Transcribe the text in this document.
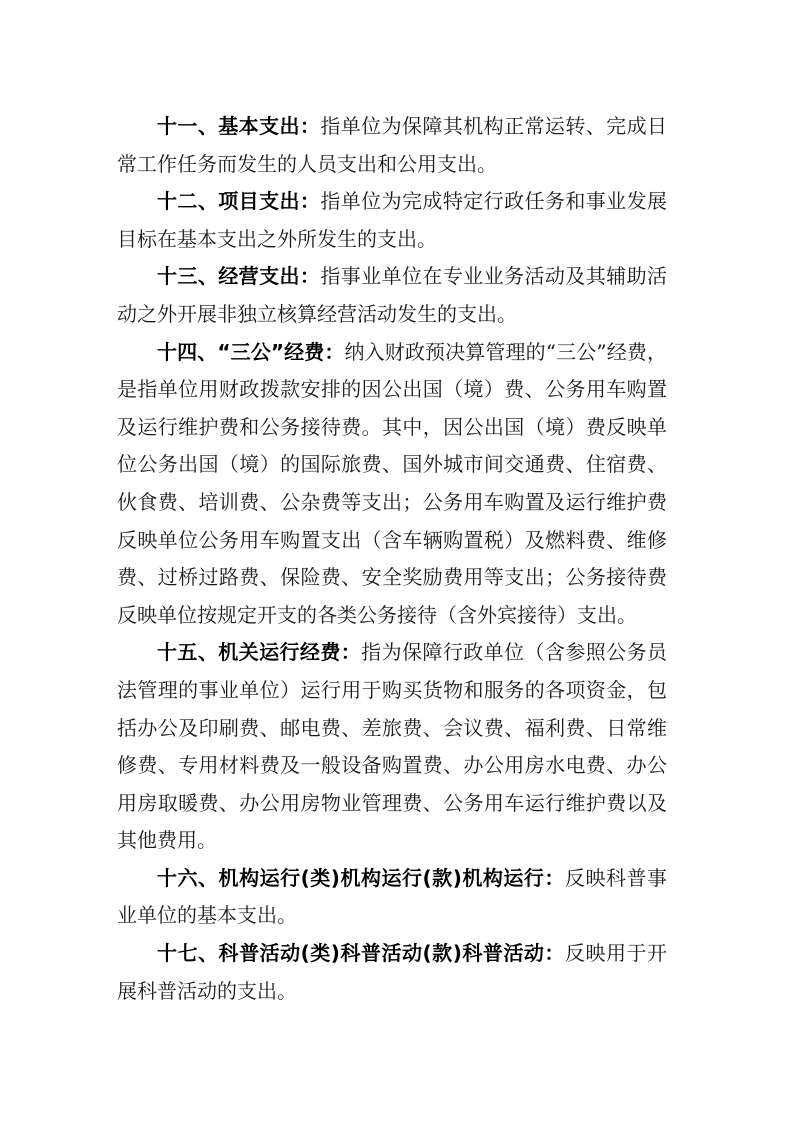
十一、基本支出：指单位为保障其机构正常运转、完成日常工作任务而发生的人员支出和公用支出。

十二、项目支出：指单位为完成特定行政任务和事业发展目标在基本支出之外所发生的支出。

十三、经营支出：指事业单位在专业业务活动及其辅助活动之外开展非独立核算经营活动发生的支出。

十四、“三公”经费：纳入财政预决算管理的“三公”经费，是指单位用财政拨款安排的因公出国（境）费、公务用车购置及运行维护费和公务接待费。其中，因公出国（境）费反映单位公务出国（境）的国际旅费、国外城市间交通费、住宿费、伙食费、培训费、公杂费等支出；公务用车购置及运行维护费反映单位公务用车购置支出（含车辆购置税）及燃料费、维修费、过桥过路费、保险费、安全奖励费用等支出；公务接待费反映单位按规定开支的各类公务接待（含外宾接待）支出。

十五、机关运行经费：指为保障行政单位（含参照公务员法管理的事业单位）运行用于购买货物和服务的各项资金，包括办公及印刷费、邮电费、差旅费、会议费、福利费、日常维修费、专用材料费及一般设备购置费、办公用房水电费、办公用房取暖费、办公用房物业管理费、公务用车运行维护费以及其他费用。

十六、机构运行(类)机构运行(款)机构运行：反映科普事业单位的基本支出。

十七、科普活动(类)科普活动(款)科普活动：反映用于开展科普活动的支出。
